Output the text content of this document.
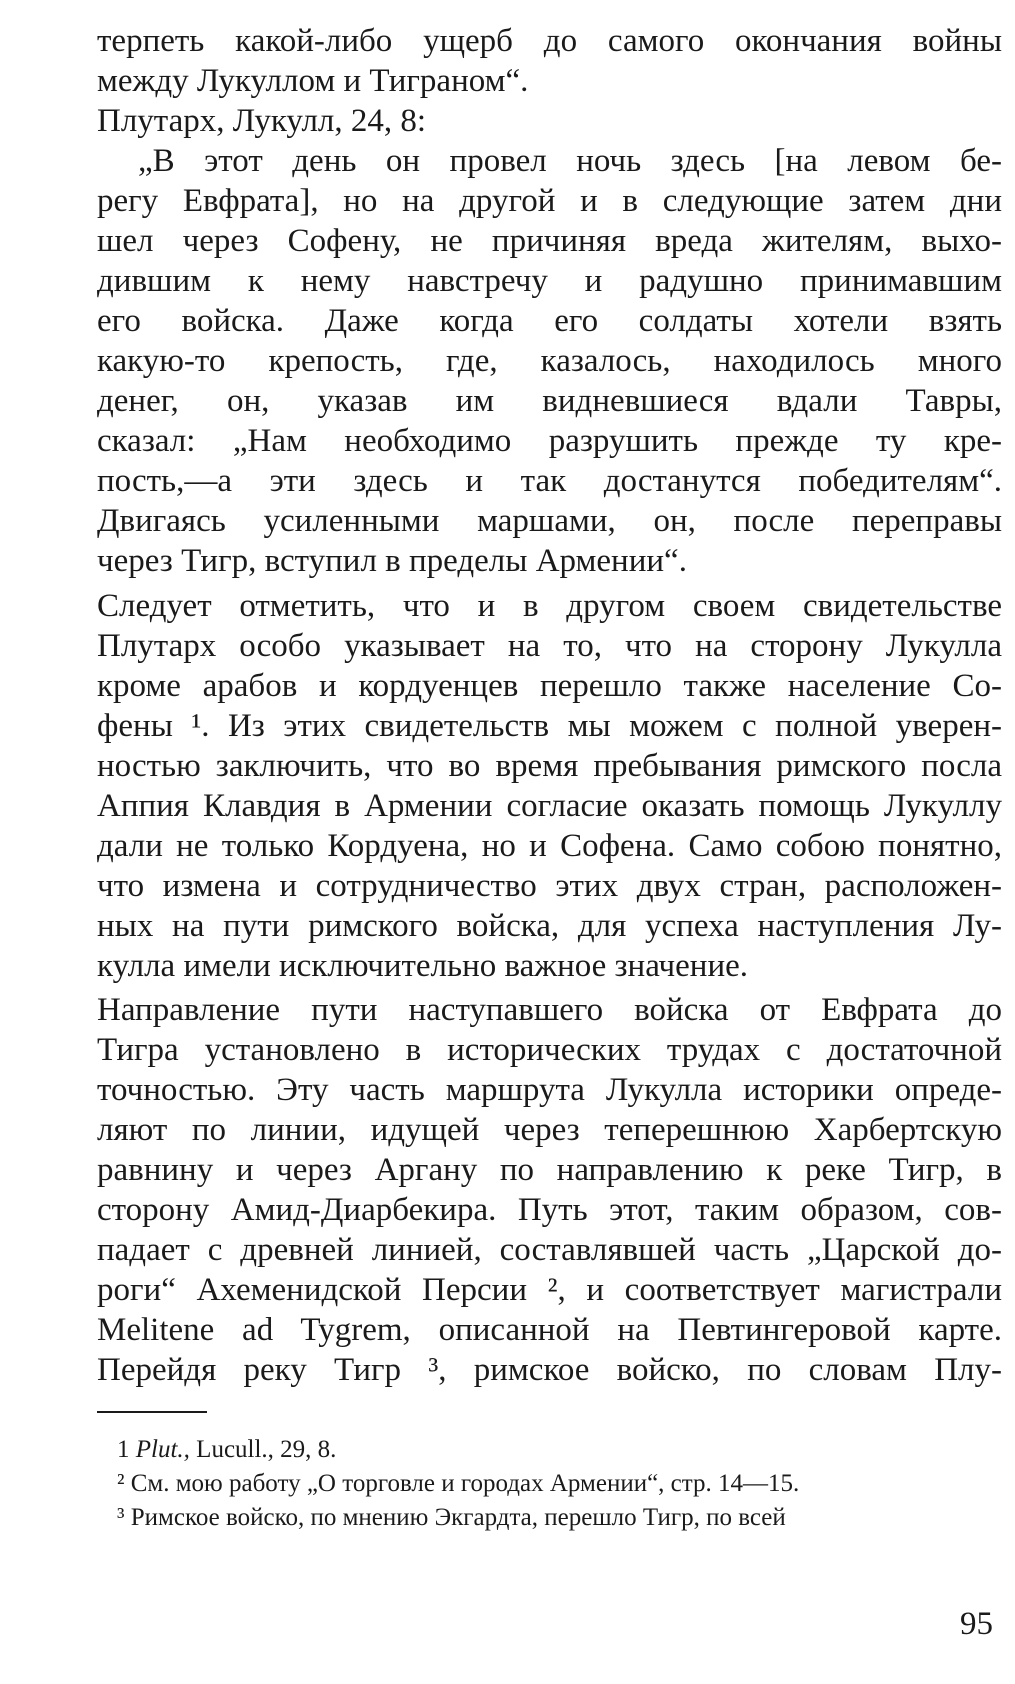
терпеть какой-либо ущерб до самого окончания войны
между Лукуллом и Тиграном“.
Плутарх, Лукулл, 24, 8:
„В этот день он провел ночь здесь [на левом бе-
регу Евфрата], но на другой и в следующие затем дни
шел через Софену, не причиняя вреда жителям, выхо-
дившим к нему навстречу и радушно принимавшим
его войска. Даже когда его солдаты хотели взять
какую-то крепость, где, казалось, находилось много
денег, он, указав им видневшиеся вдали Тавры,
сказал: „Нам необходимо разрушить прежде ту кре-
пость,—а эти здесь и так достанутся победителям“.
Двигаясь усиленными маршами, он, после переправы
через Тигр, вступил в пределы Армении“.
Следует отметить, что и в другом своем свидетельстве
Плутарх особо указывает на то, что на сторону Лукулла
кроме арабов и кордуенцев перешло также население Со-
фены ¹. Из этих свидетельств мы можем с полной уверен-
ностью заключить, что во время пребывания римского посла
Аппия Клавдия в Армении согласие оказать помощь Лукуллу
дали не только Кордуена, но и Софена. Само собою понятно,
что измена и сотрудничество этих двух стран, расположен-
ных на пути римского войска, для успеха наступления Лу-
кулла имели исключительно важное значение.
Направление пути наступавшего войска от Евфрата до
Тигра установлено в исторических трудах с достаточной
точностью. Эту часть маршрута Лукулла историки опреде-
ляют по линии, идущей через теперешнюю Харбертскую
равнину и через Аргану по направлению к реке Тигр, в
сторону Амид-Диарбекира. Путь этот, таким образом, сов-
падает с древней линией, составлявшей часть „Царской до-
роги“ Ахеменидской Персии ², и соответствует магистрали
Melitene ad Tygrem, описанной на Певтингеровой карте.
Перейдя реку Тигр ³, римское войско, по словам Плу-
1 Plut., Lucull., 29, 8.
² См. мою работу „О торговле и городах Армении“, стр. 14—15.
³ Римское войско, по мнению Экгардта, перешло Тигр, по всей
95
